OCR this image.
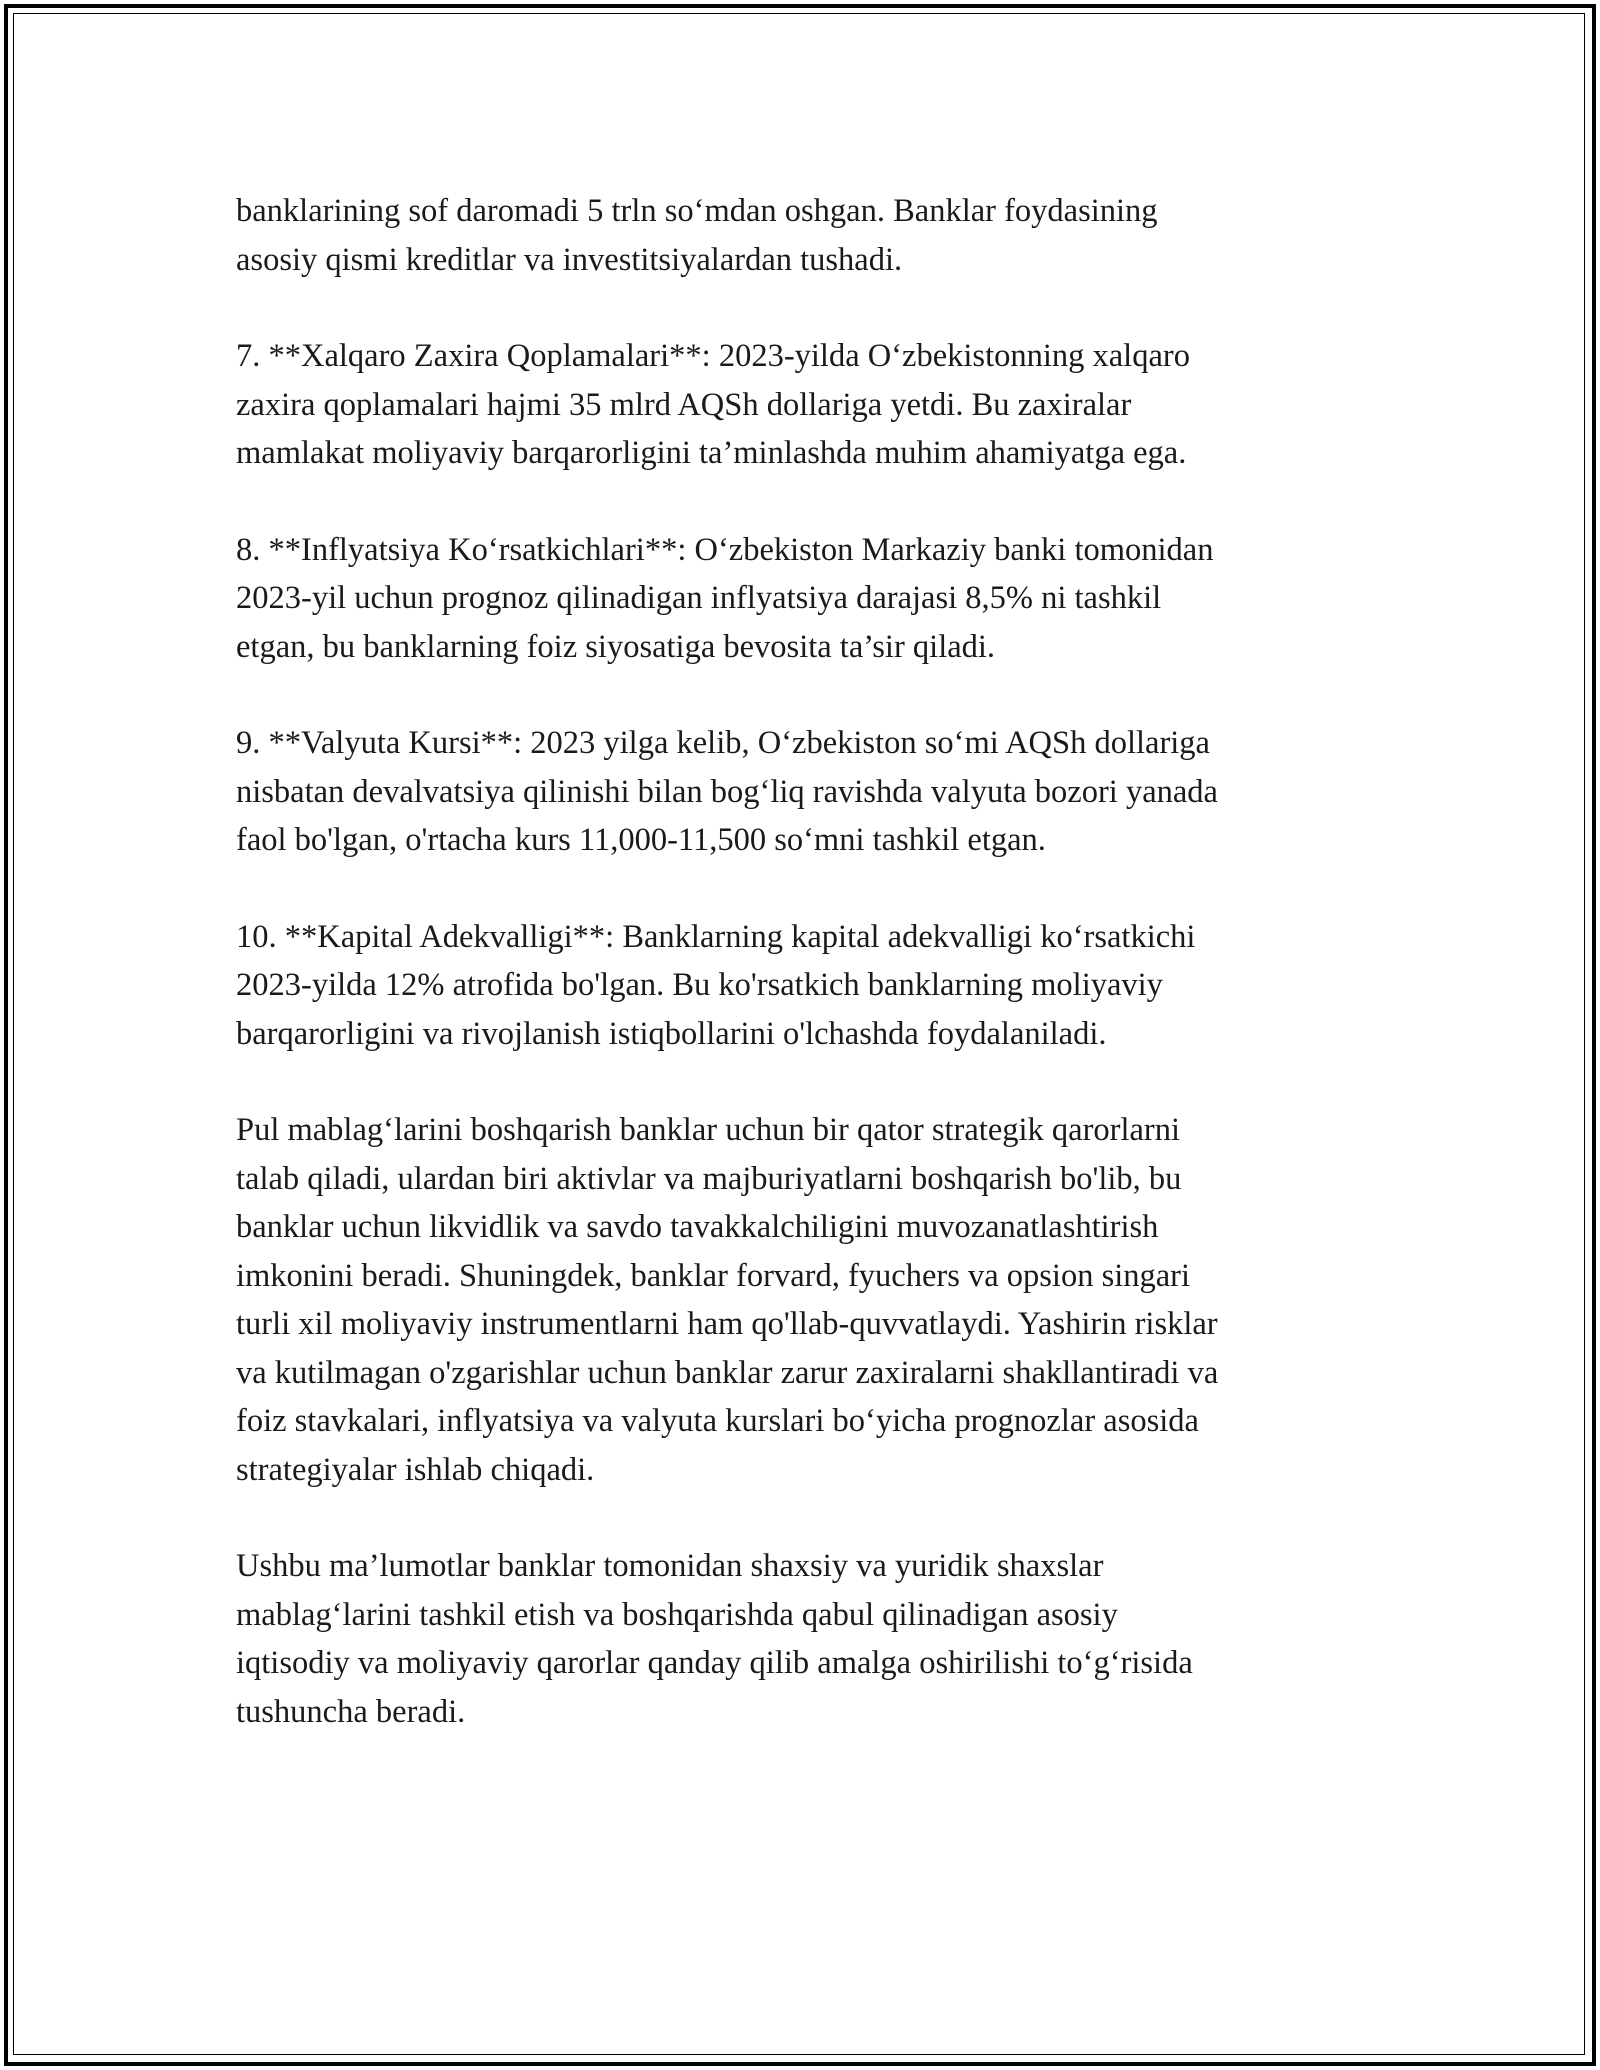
banklarining sof daromadi 5 trln so‘mdan oshgan. Banklar foydasining
asosiy qismi kreditlar va investitsiyalardan tushadi.

7. **Xalqaro Zaxira Qoplamalari**: 2023-yilda O‘zbekistonning xalqaro
zaxira qoplamalari hajmi 35 mlrd AQSh dollariga yetdi. Bu zaxiralar
mamlakat moliyaviy barqarorligini ta’minlashda muhim ahamiyatga ega.

8. **Inflyatsiya Ko‘rsatkichlari**: O‘zbekiston Markaziy banki tomonidan
2023-yil uchun prognoz qilinadigan inflyatsiya darajasi 8,5% ni tashkil
etgan, bu banklarning foiz siyosatiga bevosita ta’sir qiladi.

9. **Valyuta Kursi**: 2023 yilga kelib, O‘zbekiston so‘mi AQSh dollariga
nisbatan devalvatsiya qilinishi bilan bog‘liq ravishda valyuta bozori yanada
faol bo'lgan, o'rtacha kurs 11,000-11,500 so‘mni tashkil etgan.

10. **Kapital Adekvalligi**: Banklarning kapital adekvalligi ko‘rsatkichi
2023-yilda 12% atrofida bo'lgan. Bu ko'rsatkich banklarning moliyaviy
barqarorligini va rivojlanish istiqbollarini o'lchashda foydalaniladi.

Pul mablag‘larini boshqarish banklar uchun bir qator strategik qarorlarni
talab qiladi, ulardan biri aktivlar va majburiyatlarni boshqarish bo'lib, bu
banklar uchun likvidlik va savdo tavakkalchiligini muvozanatlashtirish
imkonini beradi. Shuningdek, banklar forvard, fyuchers va opsion singari
turli xil moliyaviy instrumentlarni ham qo'llab-quvvatlaydi. Yashirin risklar
va kutilmagan o'zgarishlar uchun banklar zarur zaxiralarni shakllantiradi va
foiz stavkalari, inflyatsiya va valyuta kurslari bo‘yicha prognozlar asosida
strategiyalar ishlab chiqadi.

Ushbu ma’lumotlar banklar tomonidan shaxsiy va yuridik shaxslar
mablag‘larini tashkil etish va boshqarishda qabul qilinadigan asosiy
iqtisodiy va moliyaviy qarorlar qanday qilib amalga oshirilishi to‘g‘risida
tushuncha beradi.
